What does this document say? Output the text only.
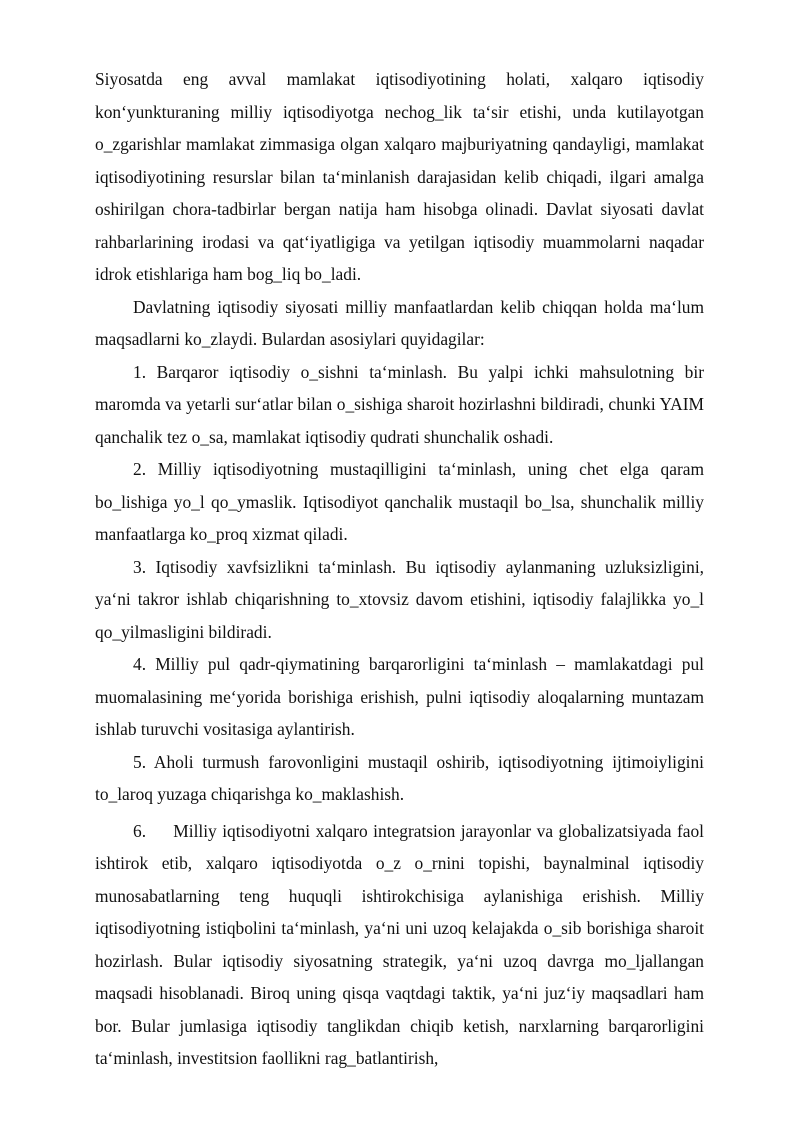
Siyosatda eng avval mamlakat iqtisodiyotining holati, xalqaro iqtisodiy kon‘yunkturaning milliy iqtisodiyotga nechog_lik ta‘sir etishi, unda kutilayotgan o_zgarishlar mamlakat zimmasiga olgan xalqaro majburiyatning qandayligi, mamlakat iqtisodiyotining resurslar bilan ta‘minlanish darajasidan kelib chiqadi, ilgari amalga oshirilgan chora-tadbirlar bergan natija ham hisobga olinadi. Davlat siyosati davlat rahbarlarining irodasi va qat‘iyatligiga va yetilgan iqtisodiy muammolarni naqadar idrok etishlariga ham bog_liq bo_ladi.

Davlatning iqtisodiy siyosati milliy manfaatlardan kelib chiqqan holda ma‘lum maqsadlarni ko_zlaydi. Bulardan asosiylari quyidagilar:

1. Barqaror iqtisodiy o_sishni ta‘minlash. Bu yalpi ichki mahsulotning bir maromda va yetarli sur‘atlar bilan o_sishiga sharoit hozirlashni bildiradi, chunki YAIM qanchalik tez o_sa, mamlakat iqtisodiy qudrati shunchalik oshadi.

2. Milliy iqtisodiyotning mustaqilligini ta‘minlash, uning chet elga qaram bo_lishiga yo_l qo_ymaslik. Iqtisodiyot qanchalik mustaqil bo_lsa, shunchalik milliy manfaatlarga ko_proq xizmat qiladi.

3. Iqtisodiy xavfsizlikni ta‘minlash. Bu iqtisodiy aylanmaning uzluksizligini, ya‘ni takror ishlab chiqarishning to_xtovsiz davom etishini, iqtisodiy falajlikka yo_l qo_yilmasligini bildiradi.

4. Milliy pul qadr-qiymatining barqarorligini ta‘minlash – mamlakatdagi pul muomalasining me‘yorida borishiga erishish, pulni iqtisodiy aloqalarning muntazam ishlab turuvchi vositasiga aylantirish.

5. Aholi turmush farovonligini mustaqil oshirib, iqtisodiyotning ijtimoiyligini to_laroq yuzaga chiqarishga ko_maklashish.

6.     Milliy iqtisodiyotni xalqaro integratsion jarayonlar va globalizatsiyada faol ishtirok etib, xalqaro iqtisodiyotda o_z o_rnini topishi, baynalminal iqtisodiy munosabatlarning teng huquqli ishtirokchisiga aylanishiga erishish. Milliy iqtisodiyotning istiqbolini ta‘minlash, ya‘ni uni uzoq kelajakda o_sib borishiga sharoit hozirlash. Bular iqtisodiy siyosatning strategik, ya‘ni uzoq davrga mo_ljallangan maqsadi hisoblanadi. Biroq uning qisqa vaqtdagi taktik, ya‘ni juz‘iy maqsadlari ham bor. Bular jumlasiga iqtisodiy tanglikdan chiqib ketish, narxlarning barqarorligini ta‘minlash, investitsion faollikni rag_batlantirish,
